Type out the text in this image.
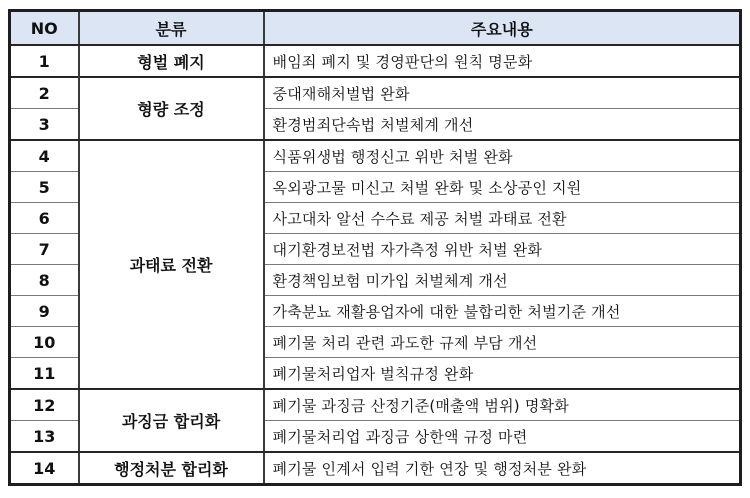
NO	분류	주요내용
1	형벌 폐지	배임죄 폐지 및 경영판단의 원칙 명문화
2	형량 조정	중대재해처벌법 완화
3		환경범죄단속법 처벌체계 개선
4	과태료 전환	식품위생법 행정신고 위반 처벌 완화
5		옥외광고물 미신고 처벌 완화 및 소상공인 지원
6		사고대차 알선 수수료 제공 처벌 과태료 전환
7		대기환경보전법 자가측정 위반 처벌 완화
8		환경책임보험 미가입 처벌체계 개선
9		가축분뇨 재활용업자에 대한 불합리한 처벌기준 개선
10		폐기물 처리 관련 과도한 규제 부담 개선
11		폐기물처리업자 벌칙규정 완화
12	과징금 합리화	폐기물 과징금 산정기준(매출액 범위) 명확화
13		폐기물처리업 과징금 상한액 규정 마련
14	행정처분 합리화	폐기물 인계서 입력 기한 연장 및 행정처분 완화
